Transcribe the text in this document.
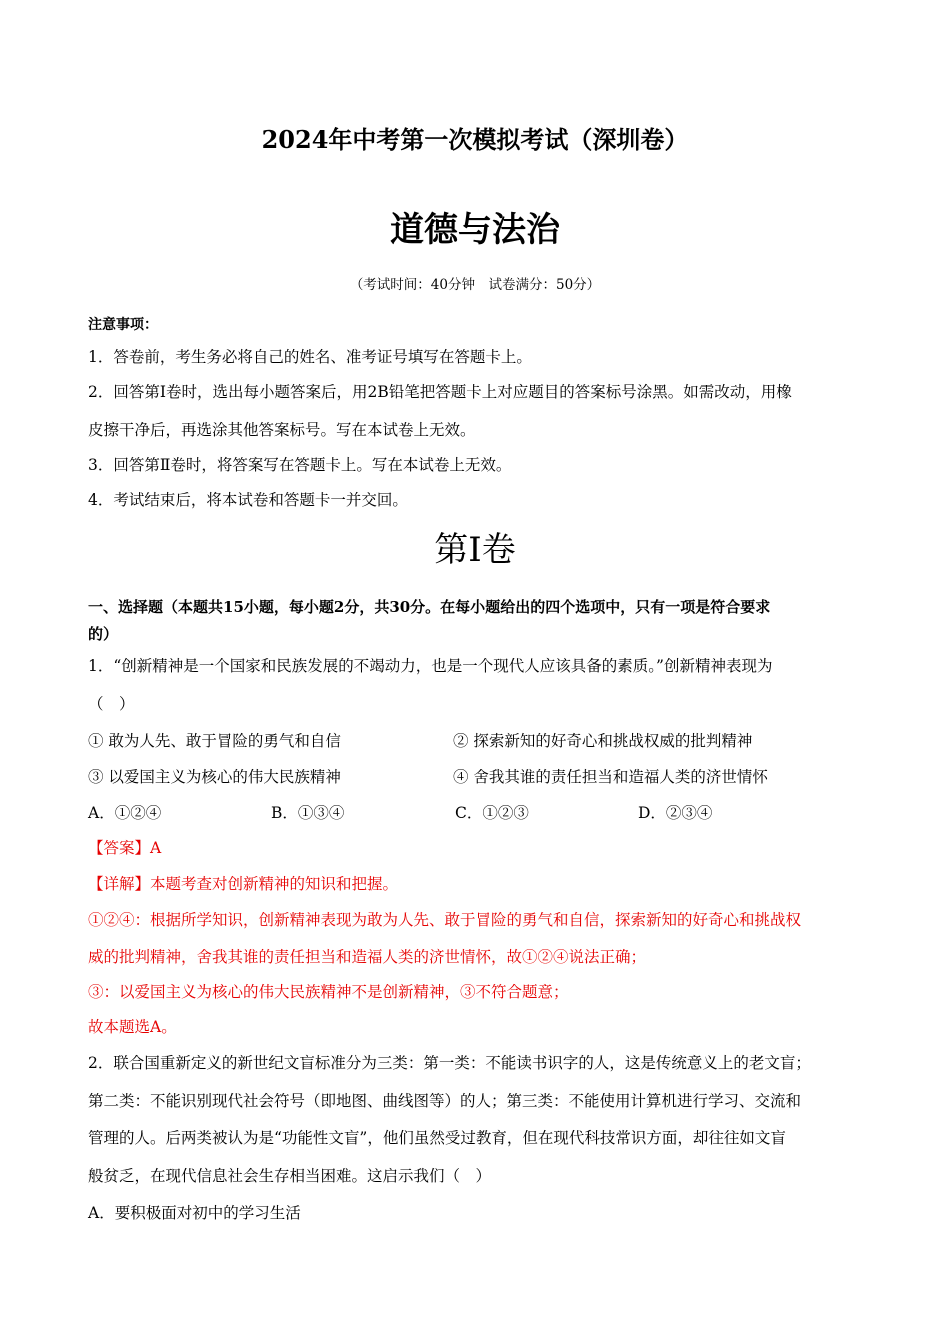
2024年中考第一次模拟考试（深圳卷）
道德与法治
（考试时间：40分钟　试卷满分：50分）
注意事项：
1．答卷前，考生务必将自己的姓名、准考证号填写在答题卡上。
2．回答第Ⅰ卷时，选出每小题答案后，用2B铅笔把答题卡上对应题目的答案标号涂黑。如需改动，用橡
皮擦干净后，再选涂其他答案标号。写在本试卷上无效。
3．回答第Ⅱ卷时，将答案写在答题卡上。写在本试卷上无效。
4．考试结束后，将本试卷和答题卡一并交回。
第Ⅰ卷
一、选择题（本题共15小题，每小题2分，共30分。在每小题给出的四个选项中，只有一项是符合要求
的）
1．“创新精神是一个国家和民族发展的不竭动力，也是一个现代人应该具备的素质。”创新精神表现为
（　）
① 敢为人先、敢于冒险的勇气和自信	② 探索新知的好奇心和挑战权威的批判精神
③ 以爱国主义为核心的伟大民族精神	④ 舍我其谁的责任担当和造福人类的济世情怀
A．①②④	B．①③④	C．①②③	D．②③④
【答案】A
【详解】本题考查对创新精神的知识和把握。
①②④：根据所学知识，创新精神表现为敢为人先、敢于冒险的勇气和自信，探索新知的好奇心和挑战权
威的批判精神，舍我其谁的责任担当和造福人类的济世情怀，故①②④说法正确；
③：以爱国主义为核心的伟大民族精神不是创新精神，③不符合题意；
故本题选A。
2．联合国重新定义的新世纪文盲标准分为三类：第一类：不能读书识字的人，这是传统意义上的老文盲；
第二类：不能识别现代社会符号（即地图、曲线图等）的人；第三类：不能使用计算机进行学习、交流和
管理的人。后两类被认为是“功能性文盲”，他们虽然受过教育，但在现代科技常识方面，却往往如文盲
般贫乏，在现代信息社会生存相当困难。这启示我们（　）
A．要积极面对初中的学习生活
